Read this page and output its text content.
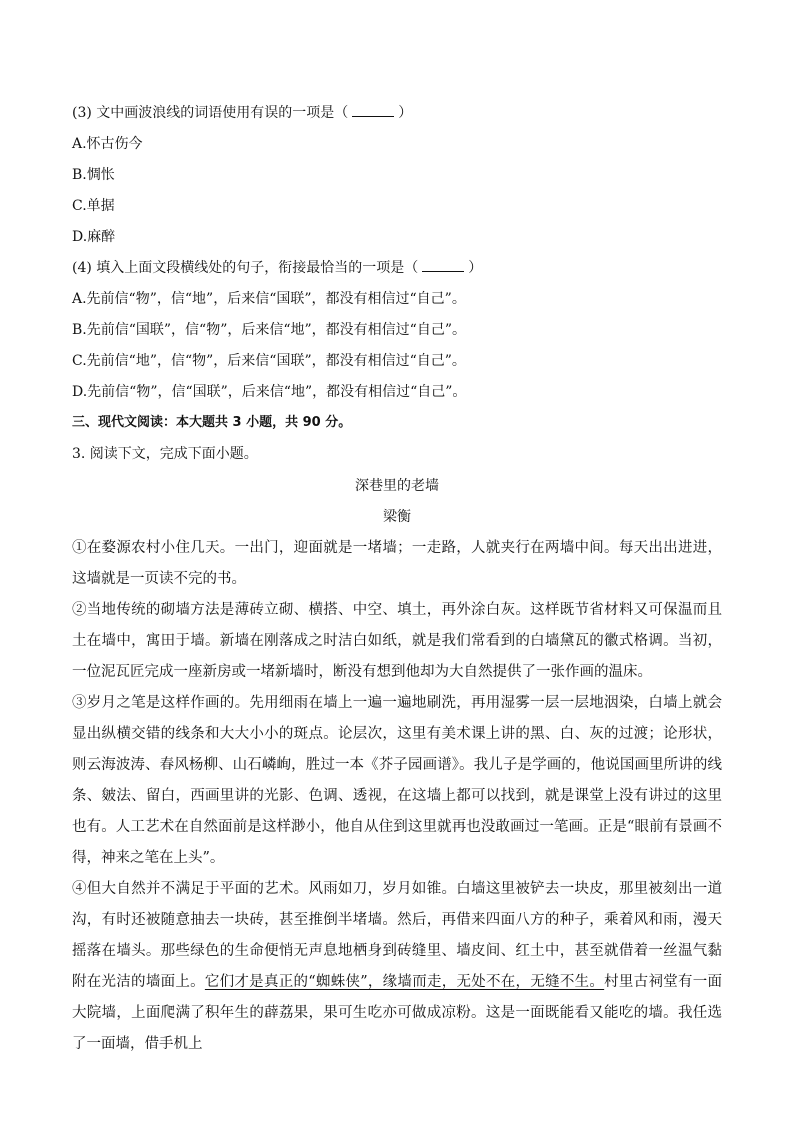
(3) 文中画波浪线的词语使用有误的一项是（	）
A.怀古伤今
B.惆怅
C.单据
D.麻醉
(4) 填入上面文段横线处的句子，衔接最恰当的一项是（	）
A.先前信“物”，信“地”，后来信“国联”，都没有相信过“自己”。
B.先前信“国联”，信“物”，后来信“地”，都没有相信过“自己”。
C.先前信“地”，信“物”，后来信“国联”，都没有相信过“自己”。
D.先前信“物”，信“国联”，后来信“地”，都没有相信过“自己”。
三、现代文阅读：本大题共 3 小题，共 90 分。
3. 阅读下文，完成下面小题。
深巷里的老墙
梁衡
①在婺源农村小住几天。一出门，迎面就是一堵墙；一走路，人就夹行在两墙中间。每天出出进进，这墙就是一页读不完的书。
②当地传统的砌墙方法是薄砖立砌、横搭、中空、填土，再外涂白灰。这样既节省材料又可保温而且土在墙中，寓田于墙。新墙在刚落成之时洁白如纸，就是我们常看到的白墙黛瓦的徽式格调。当初，一位泥瓦匠完成一座新房或一堵新墙时，断没有想到他却为大自然提供了一张作画的温床。
③岁月之笔是这样作画的。先用细雨在墙上一遍一遍地刷洗，再用湿雾一层一层地洇染，白墙上就会显出纵横交错的线条和大大小小的斑点。论层次，这里有美术课上讲的黑、白、灰的过渡；论形状，则云海波涛、春风杨柳、山石嶙峋，胜过一本《芥子园画谱》。我儿子是学画的，他说国画里所讲的线条、皴法、留白，西画里讲的光影、色调、透视，在这墙上都可以找到，就是课堂上没有讲过的这里也有。人工艺术在自然面前是这样渺小，他自从住到这里就再也没敢画过一笔画。正是“眼前有景画不得，神来之笔在上头”。
④但大自然并不满足于平面的艺术。风雨如刀，岁月如锥。白墙这里被铲去一块皮，那里被刻出一道沟，有时还被随意抽去一块砖，甚至推倒半堵墙。然后，再借来四面八方的种子，乘着风和雨，漫天摇落在墙头。那些绿色的生命便悄无声息地栖身到砖缝里、墙皮间、红土中，甚至就借着一丝温气黏附在光洁的墙面上。它们才是真正的“蜘蛛侠”，缘墙而走，无处不在，无缝不生。村里古祠堂有一面大院墙，上面爬满了积年生的薜荔果，果可生吃亦可做成凉粉。这是一面既能看又能吃的墙。我任选了一面墙，借手机上
